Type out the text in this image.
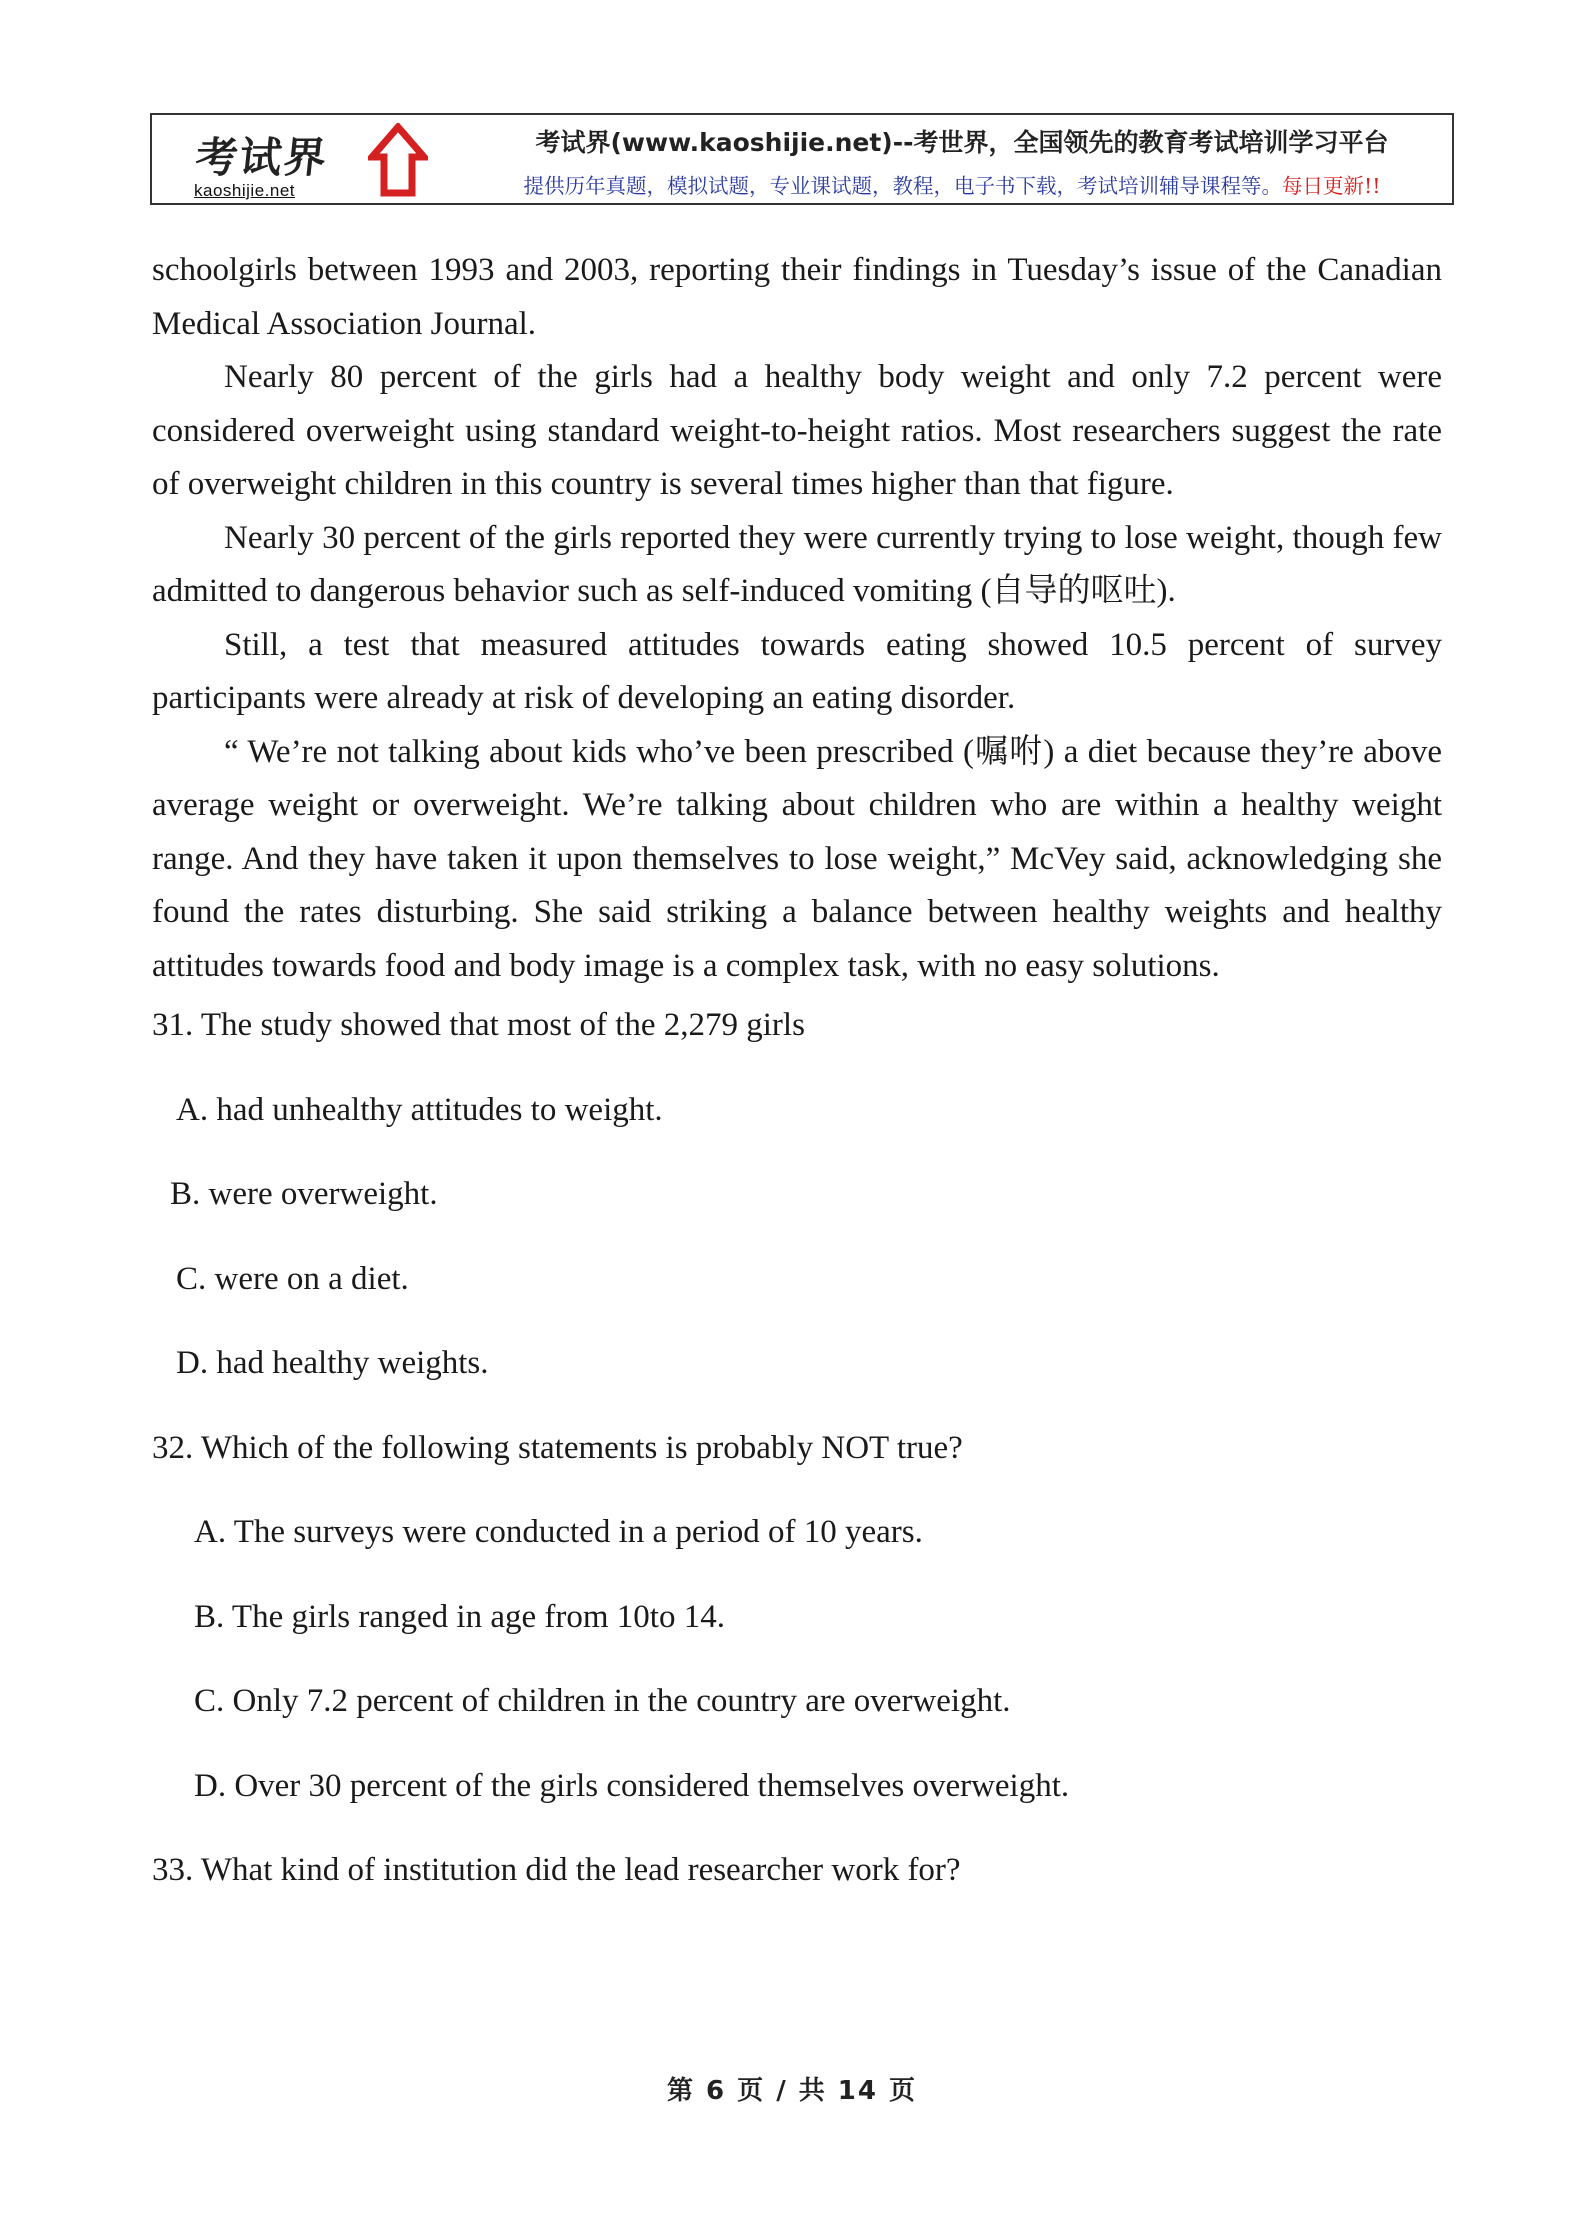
考试界
kaoshijie.net
考试界(www.kaoshijie.net)--考世界，全国领先的教育考试培训学习平台
提供历年真题，模拟试题，专业课试题，教程，电子书下载，考试培训辅导课程等。每日更新!!

schoolgirls between 1993 and 2003, reporting their findings in Tuesday’s issue of the Canadian Medical Association Journal.

Nearly 80 percent of the girls had a healthy body weight and only 7.2 percent were considered overweight using standard weight-to-height ratios. Most researchers suggest the rate of overweight children in this country is several times higher than that figure.

Nearly 30 percent of the girls reported they were currently trying to lose weight, though few admitted to dangerous behavior such as self-induced vomiting (自导的呕吐).

Still, a test that measured attitudes towards eating showed 10.5 percent of survey participants were already at risk of developing an eating disorder.

“ We’re not talking about kids who’ve been prescribed (嘱咐) a diet because they’re above average weight or overweight. We’re talking about children who are within a healthy weight range. And they have taken it upon themselves to lose weight,” McVey said, acknowledging she found the rates disturbing. She said striking a balance between healthy weights and healthy attitudes towards food and body image is a complex task, with no easy solutions.

31. The study showed that most of the 2,279 girls

A. had unhealthy attitudes to weight.

B. were overweight.

C. were on a diet.

D. had healthy weights.

32. Which of the following statements is probably NOT true?

A. The surveys were conducted in a period of 10 years.

B. The girls ranged in age from 10to 14.

C. Only 7.2 percent of children in the country are overweight.

D. Over 30 percent of the girls considered themselves overweight.

33. What kind of institution did the lead researcher work for?

第 6 页 / 共 14 页
